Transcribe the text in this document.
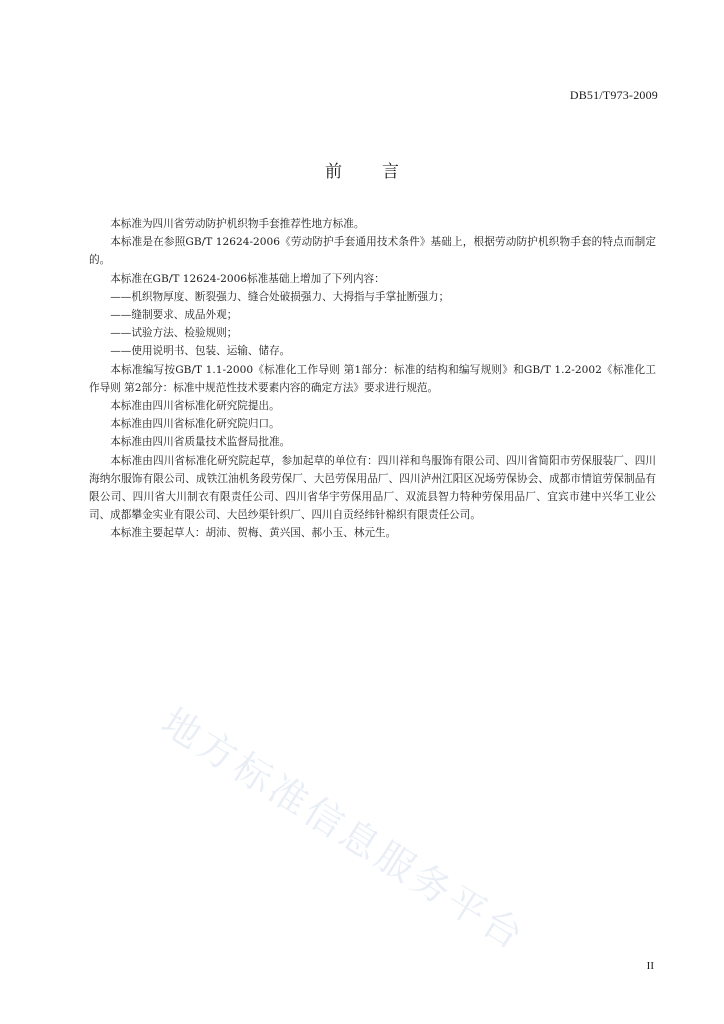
DB51/T973-2009
前 言

本标准为四川省劳动防护机织物手套推荐性地方标准。

本标准是在参照GB/T 12624-2006《劳动防护手套通用技术条件》基础上，根据劳动防护机织物手套的特点而制定的。

本标准在GB/T 12624-2006标准基础上增加了下列内容：

——机织物厚度、断裂强力、缝合处破损强力、大拇指与手掌扯断强力；

——缝制要求、成品外观；

——试验方法、检验规则；

——使用说明书、包装、运输、储存。

本标准编写按GB/T 1.1-2000《标准化工作导则 第1部分：标准的结构和编写规则》和GB/T 1.2-2002《标准化工作导则 第2部分：标准中规范性技术要素内容的确定方法》要求进行规范。

本标准由四川省标准化研究院提出。

本标准由四川省标准化研究院归口。

本标准由四川省质量技术监督局批准。

本标准由四川省标准化研究院起草，参加起草的单位有：四川祥和鸟服饰有限公司、四川省简阳市劳保服装厂、四川海纳尔服饰有限公司、成铁江油机务段劳保厂、大邑劳保用品厂、四川泸州江阳区况场劳保协会、成都市情谊劳保制品有限公司、四川省大川制衣有限责任公司、四川省华宇劳保用品厂、双流县智力特种劳保用品厂、宜宾市建中兴华工业公司、成都攀金实业有限公司、大邑纱渠针织厂、四川自贡经纬针棉织有限责任公司。

本标准主要起草人：胡沛、贺梅、黄兴国、郝小玉、林元生。

地方标准信息服务平台
II
